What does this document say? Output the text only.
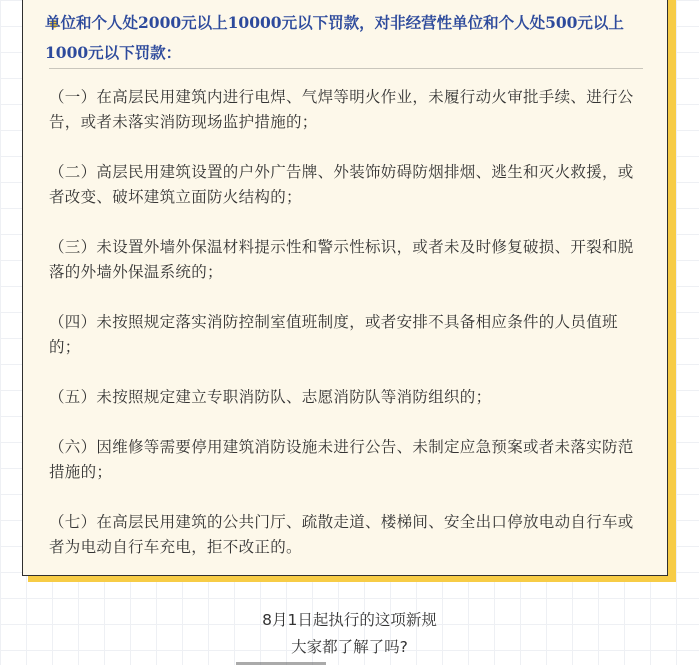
单位和个人处2000元以上10000元以下罚款，对非经营性单位和个人处500元以上1000元以下罚款：
（一）在高层民用建筑内进行电焊、气焊等明火作业，未履行动火审批手续、进行公告，或者未落实消防现场监护措施的；
（二）高层民用建筑设置的户外广告牌、外装饰妨碍防烟排烟、逃生和灭火救援，或者改变、破坏建筑立面防火结构的；
（三）未设置外墙外保温材料提示性和警示性标识，或者未及时修复破损、开裂和脱落的外墙外保温系统的；
（四）未按照规定落实消防控制室值班制度，或者安排不具备相应条件的人员值班的；
（五）未按照规定建立专职消防队、志愿消防队等消防组织的；
（六）因维修等需要停用建筑消防设施未进行公告、未制定应急预案或者未落实防范措施的；
（七）在高层民用建筑的公共门厅、疏散走道、楼梯间、安全出口停放电动自行车或者为电动自行车充电，拒不改正的。
8月1日起执行的这项新规
大家都了解了吗?
